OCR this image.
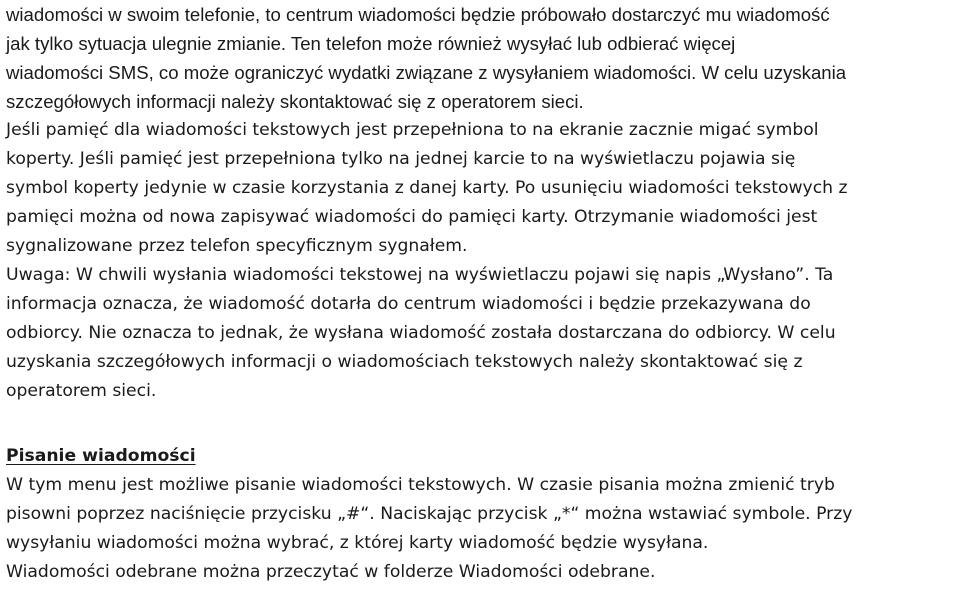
wiadomości w swoim telefonie, to centrum wiadomości będzie próbowało dostarczyć mu wiadomość
jak tylko sytuacja ulegnie zmianie. Ten telefon może również wysyłać lub odbierać więcej
wiadomości SMS, co może ograniczyć wydatki związane z wysyłaniem wiadomości. W celu uzyskania
szczegółowych informacji należy skontaktować się z operatorem sieci.
Jeśli pamięć dla wiadomości tekstowych jest przepełniona to na ekranie zacznie migać symbol
koperty. Jeśli pamięć jest przepełniona tylko na jednej karcie to na wyświetlaczu pojawia się
symbol koperty jedynie w czasie korzystania z danej karty. Po usunięciu wiadomości tekstowych z
pamięci można od nowa zapisywać wiadomości do pamięci karty. Otrzymanie wiadomości jest
sygnalizowane przez telefon specyficznym sygnałem.
Uwaga: W chwili wysłania wiadomości tekstowej na wyświetlaczu pojawi się napis „Wysłano”. Ta
informacja oznacza, że wiadomość dotarła do centrum wiadomości i będzie przekazywana do
odbiorcy. Nie oznacza to jednak, że wysłana wiadomość została dostarczana do odbiorcy. W celu
uzyskania szczegółowych informacji o wiadomościach tekstowych należy skontaktować się z
operatorem sieci.
Pisanie wiadomości
W tym menu jest możliwe pisanie wiadomości tekstowych. W czasie pisania można zmienić tryb
pisowni poprzez naciśnięcie przycisku „#“. Naciskając przycisk „*“ można wstawiać symbole. Przy
wysyłaniu wiadomości można wybrać, z której karty wiadomość będzie wysyłana.
Wiadomości odebrane można przeczytać w folderze Wiadomości odebrane.
